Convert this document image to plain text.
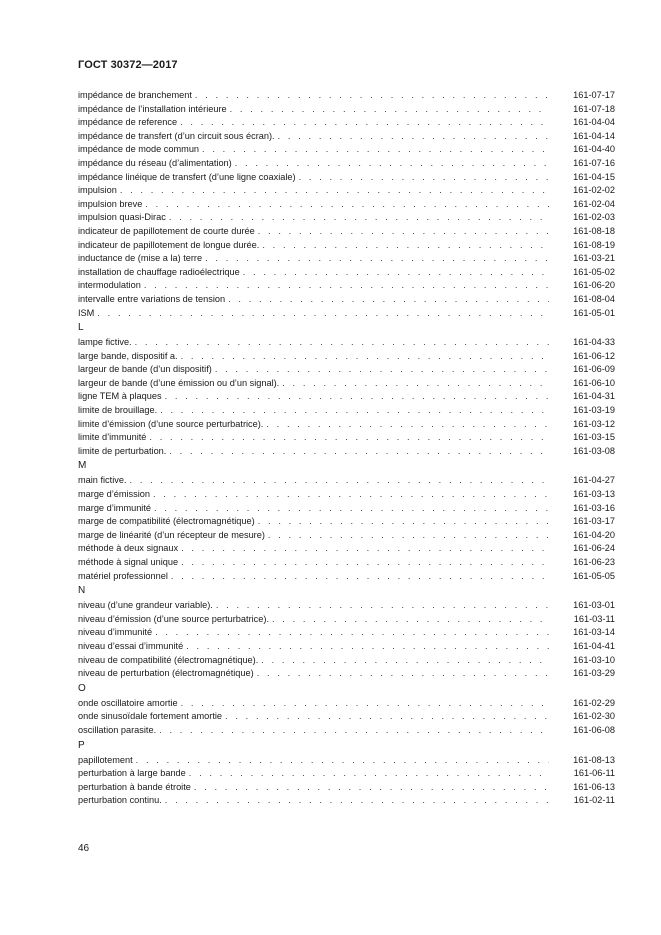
ГОСТ 30372—2017
impédance de branchement . . .	161-07-17
impédance de l’installation intérieure . . .	161-07-18
impédance de reference . . .	161-04-04
impédance de transfert (d’un circuit sous écran). . . .	161-04-14
impédance de mode commun . . .	161-04-40
impédance du réseau (d’alimentation) . . .	161-07-16
impédance linéique de transfert (d’une ligne coaxiale) . . .	161-04-15
impulsion . . .	161-02-02
impulsion breve . . .	161-02-04
impulsion quasi-Dirac . . .	161-02-03
indicateur de papillotement de courte durée . . .	161-08-18
indicateur de papillotement de longue durée. . . .	161-08-19
inductance de (mise a la) terre . . .	161-03-21
installation de chauffage radioélectrique . . .	161-05-02
intermodulation . . .	161-06-20
intervalle entre variations de tension . . .	161-08-04
ISM . . .	161-05-01
L
lampe fictive. . . .	161-04-33
large bande, dispositif a. . . .	161-06-12
largeur de bande (d’un dispositif) . . .	161-06-09
largeur de bande (d’une émission ou d’un signal). . . .	161-06-10
ligne TEM à plaques . . .	161-04-31
limite de brouillage. . . .	161-03-19
limite d’émission (d’une source perturbatrice). . . .	161-03-12
limite d’immunité . . .	161-03-15
limite de perturbation. . . .	161-03-08
M
main fictive. . . .	161-04-27
marge d’émission . . .	161-03-13
marge d’immunité . . .	161-03-16
marge de compatibilité (électromagnétique) . . .	161-03-17
marge de linéarité (d’un récepteur de mesure) . . .	161-04-20
méthode à deux signaux . . .	161-06-24
méthode à signal unique . . .	161-06-23
matériel professionnel . . .	161-05-05
N
niveau (d’une grandeur variable). . . .	161-03-01
niveau d’émission (d’une source perturbatrice). . . .	161-03-11
niveau d’immunité . . .	161-03-14
niveau d’essai d’immunité . . .	161-04-41
niveau de compatibilité (électromagnétique). . . .	161-03-10
niveau de perturbation (électromagnétique) . . .	161-03-29
O
onde oscillatoire amortie . . .	161-02-29
onde sinusoïdale fortement amortie . . .	161-02-30
oscillation parasite. . . .	161-06-08
P
papillotement . . .	161-08-13
perturbation à large bande . . .	161-06-11
perturbation à bande étroite . . .	161-06-13
perturbation continu. . . .	161-02-11
46
